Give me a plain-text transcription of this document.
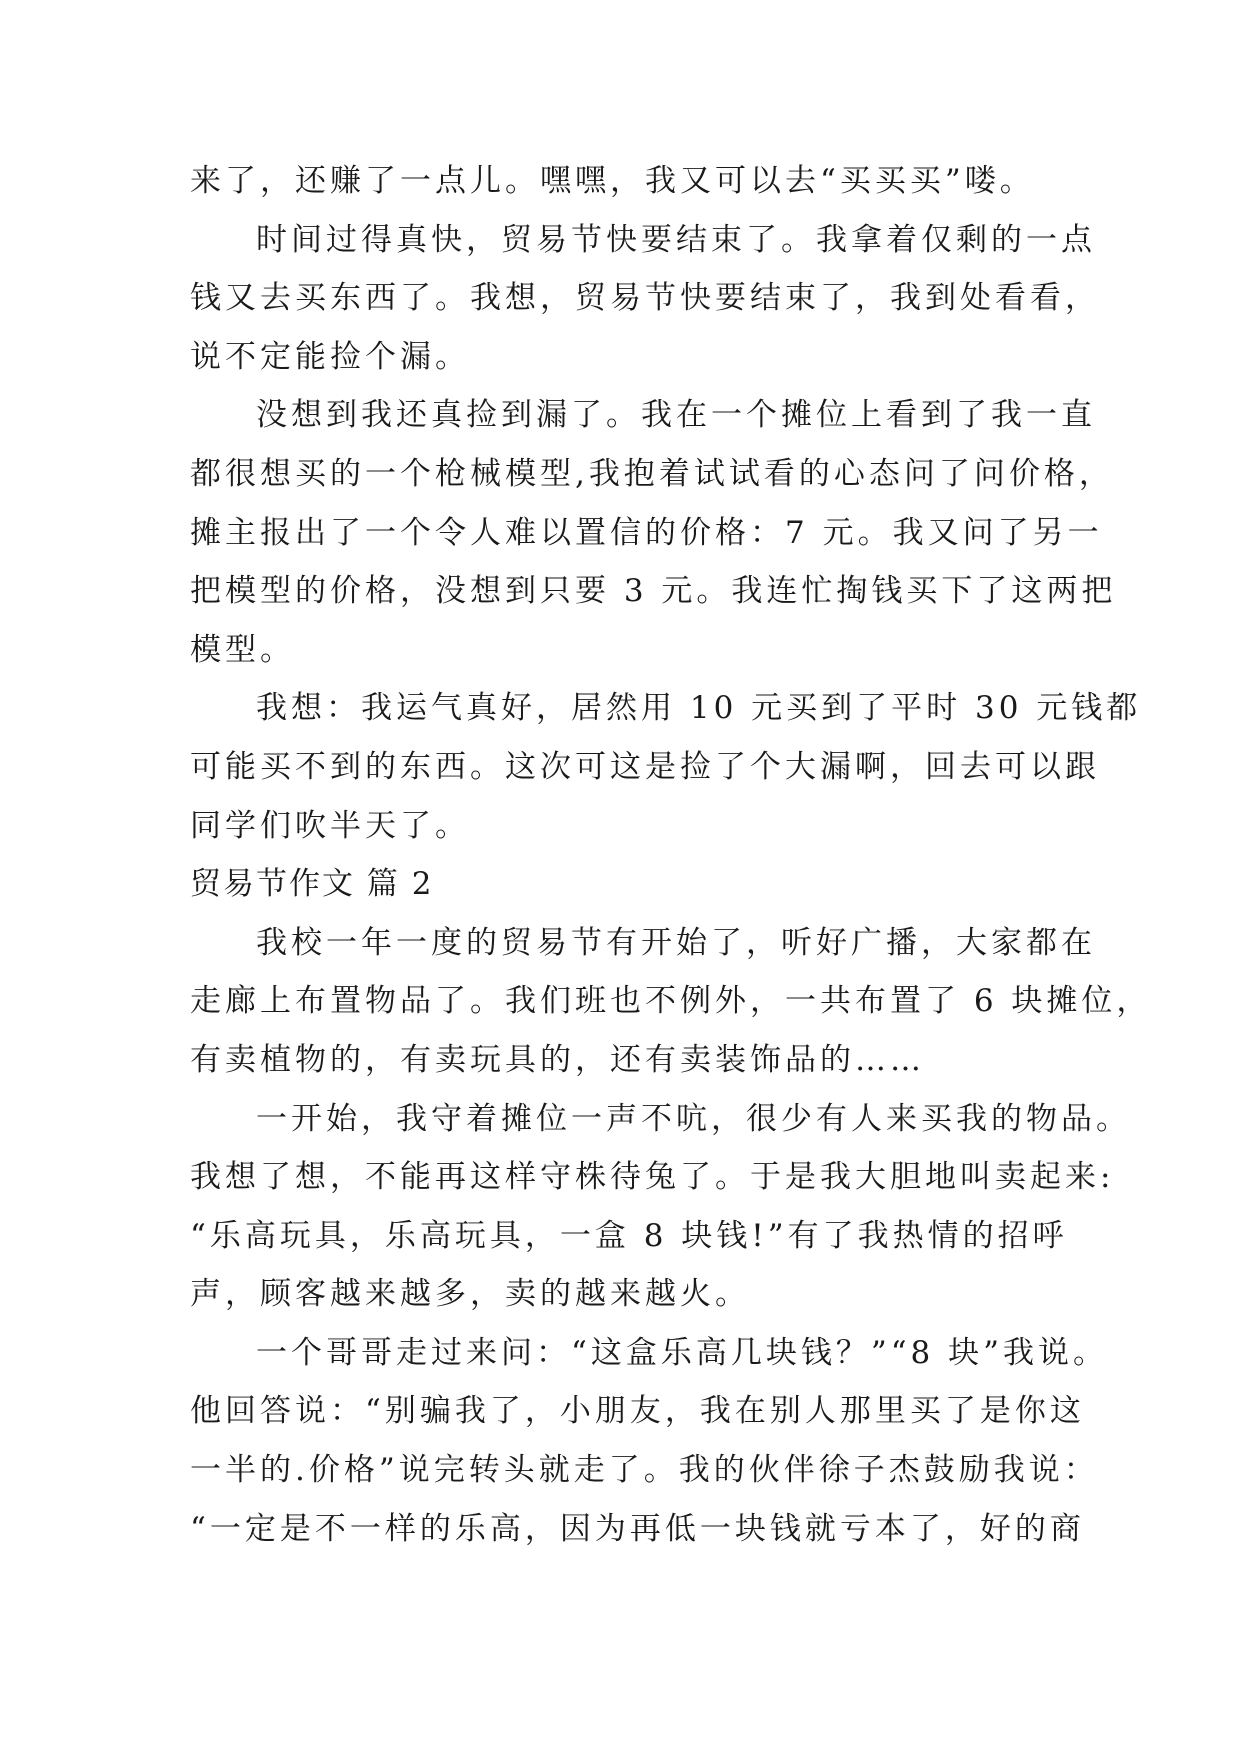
来了，还赚了一点儿。嘿嘿，我又可以去“买买买”喽。
时间过得真快，贸易节快要结束了。我拿着仅剩的一点
钱又去买东西了。我想，贸易节快要结束了，我到处看看，
说不定能捡个漏。
没想到我还真捡到漏了。我在一个摊位上看到了我一直
都很想买的一个枪械模型,我抱着试试看的心态问了问价格，
摊主报出了一个令人难以置信的价格：7 元。我又问了另一
把模型的价格，没想到只要 3 元。我连忙掏钱买下了这两把
模型。
我想：我运气真好，居然用 10 元买到了平时 30 元钱都
可能买不到的东西。这次可这是捡了个大漏啊，回去可以跟
同学们吹半天了。
贸易节作文 篇 2
我校一年一度的贸易节有开始了，听好广播，大家都在
走廊上布置物品了。我们班也不例外，一共布置了 6 块摊位，
有卖植物的，有卖玩具的，还有卖装饰品的……
一开始，我守着摊位一声不吭，很少有人来买我的物品。
我想了想，不能再这样守株待兔了。于是我大胆地叫卖起来:
“乐高玩具，乐高玩具，一盒 8 块钱!”有了我热情的招呼
声，顾客越来越多，卖的越来越火。
一个哥哥走过来问：“这盒乐高几块钱？”“8 块”我说。
他回答说：“别骗我了，小朋友，我在别人那里买了是你这
一半的.价格”说完转头就走了。我的伙伴徐子杰鼓励我说：
“一定是不一样的乐高，因为再低一块钱就亏本了，好的商
